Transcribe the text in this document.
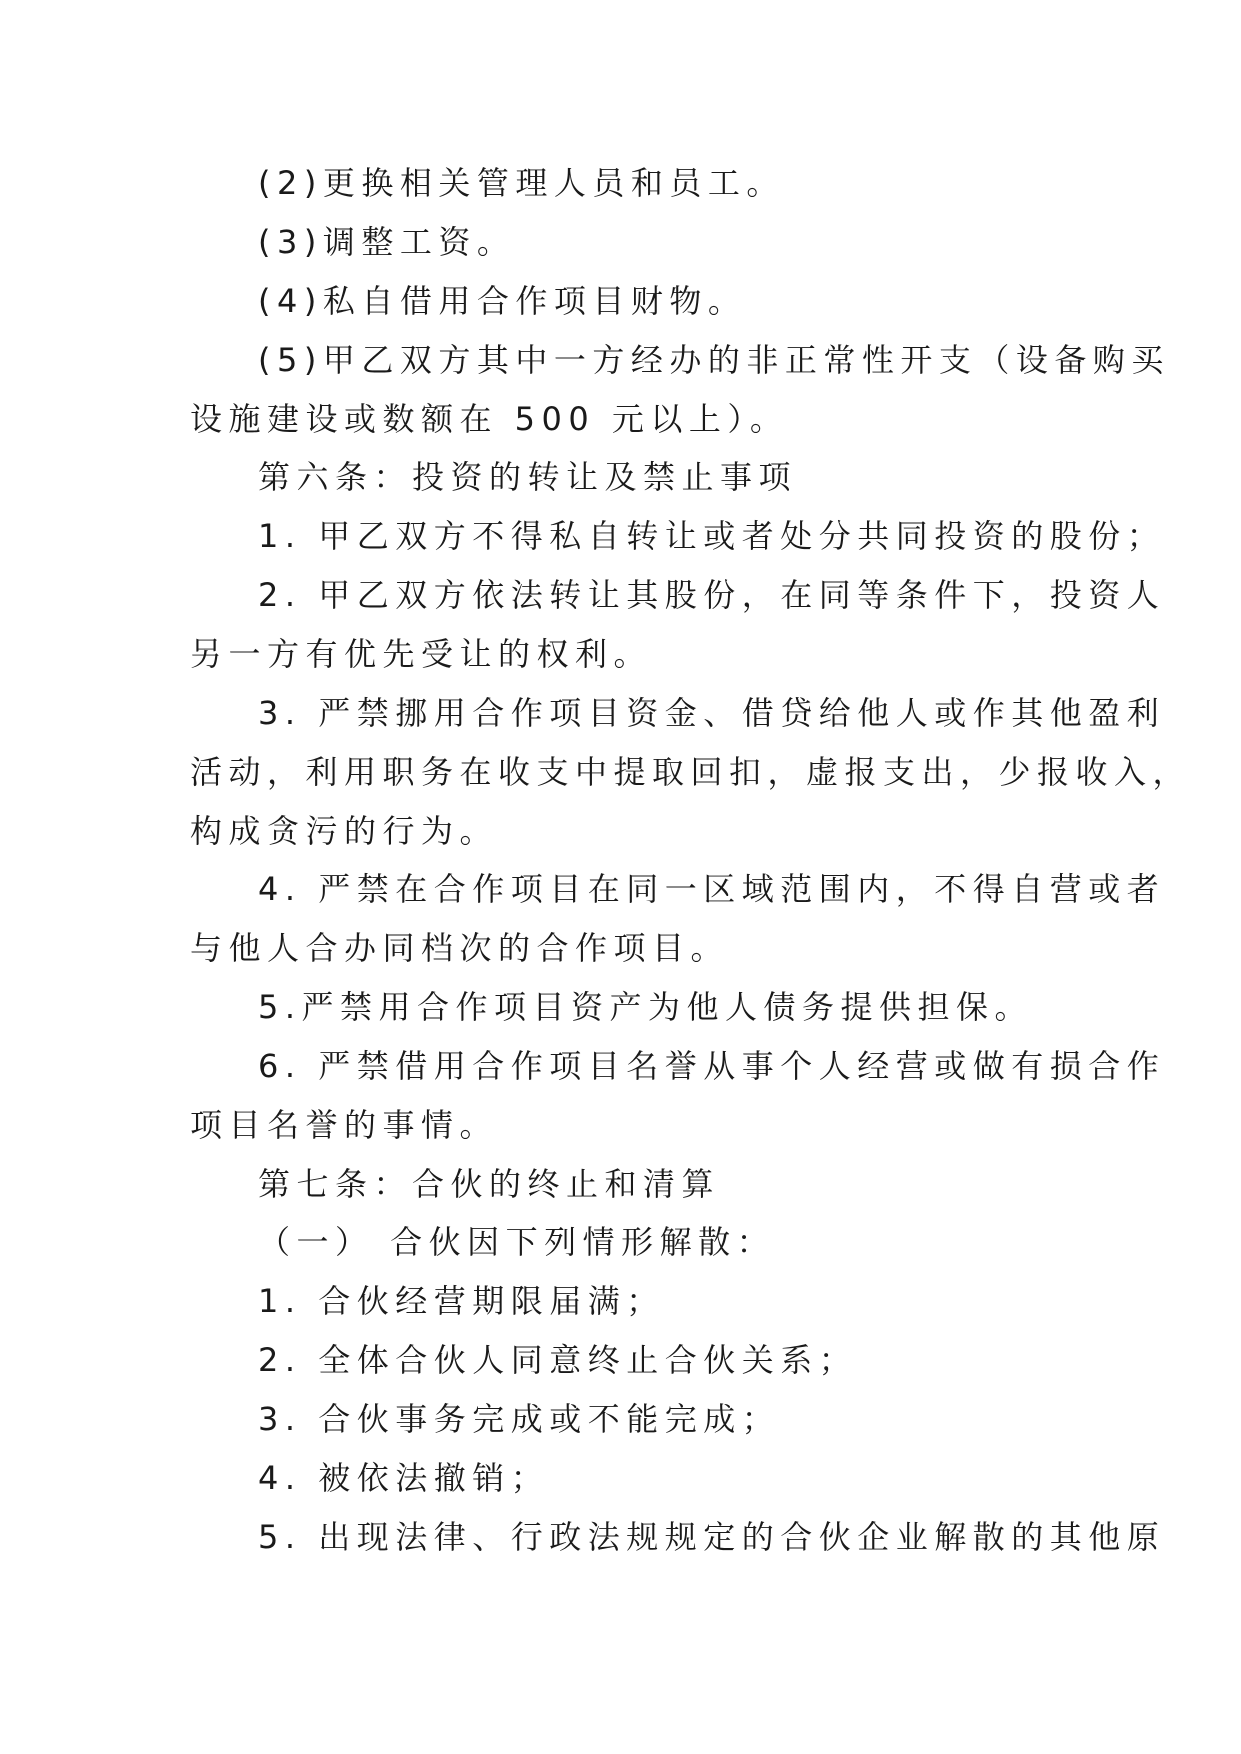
(2)更换相关管理人员和员工。
(3)调整工资。
(4)私自借用合作项目财物。
(5)甲乙双方其中一方经办的非正常性开支（设备购买
设施建设或数额在 500 元以上）。
第六条：投资的转让及禁止事项
1. 甲乙双方不得私自转让或者处分共同投资的股份；
2. 甲乙双方依法转让其股份，在同等条件下，投资人
另一方有优先受让的权利。
3. 严禁挪用合作项目资金、借贷给他人或作其他盈利
活动，利用职务在收支中提取回扣，虚报支出，少报收入，
构成贪污的行为。
4. 严禁在合作项目在同一区域范围内，不得自营或者
与他人合办同档次的合作项目。
5.严禁用合作项目资产为他人债务提供担保。
6. 严禁借用合作项目名誉从事个人经营或做有损合作
项目名誉的事情。
第七条：合伙的终止和清算
（一） 合伙因下列情形解散：
1. 合伙经营期限届满；
2. 全体合伙人同意终止合伙关系；
3. 合伙事务完成或不能完成；
4. 被依法撤销；
5. 出现法律、行政法规规定的合伙企业解散的其他原
